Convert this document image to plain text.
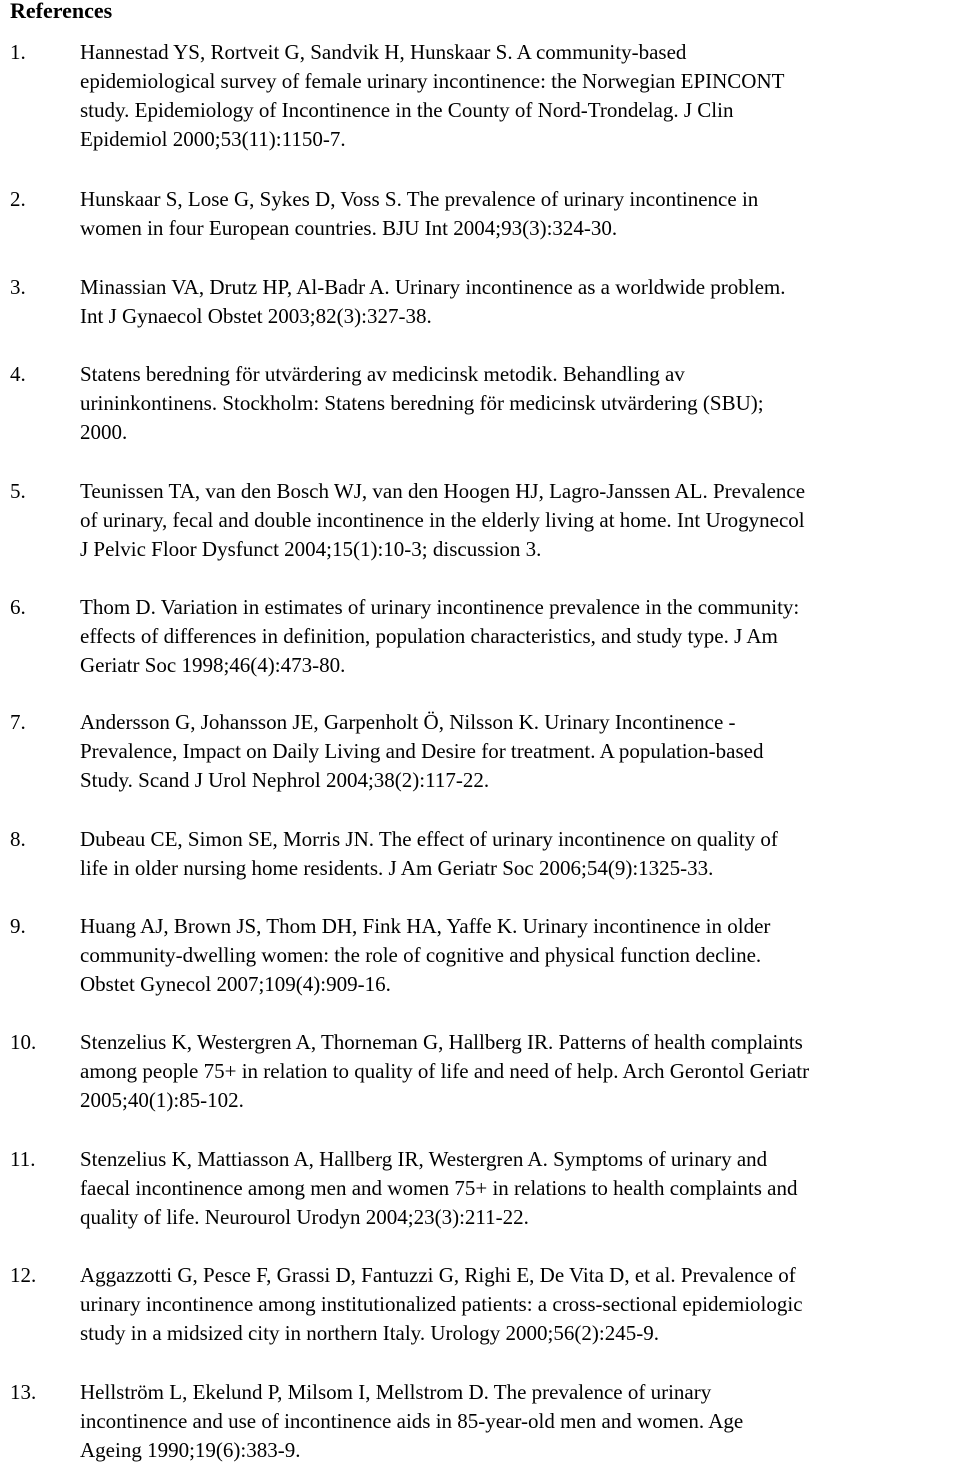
References
1.	Hannestad YS, Rortveit G, Sandvik H, Hunskaar S. A community-based
epidemiological survey of female urinary incontinence: the Norwegian EPINCONT
study. Epidemiology of Incontinence in the County of Nord-Trondelag. J Clin
Epidemiol 2000;53(11):1150-7.
2.	Hunskaar S, Lose G, Sykes D, Voss S. The prevalence of urinary incontinence in
women in four European countries. BJU Int 2004;93(3):324-30.
3.	Minassian VA, Drutz HP, Al-Badr A. Urinary incontinence as a worldwide problem.
Int J Gynaecol Obstet 2003;82(3):327-38.
4.	Statens beredning för utvärdering av medicinsk metodik. Behandling av
urininkontinens. Stockholm: Statens beredning för medicinsk utvärdering (SBU);
2000.
5.	Teunissen TA, van den Bosch WJ, van den Hoogen HJ, Lagro-Janssen AL. Prevalence
of urinary, fecal and double incontinence in the elderly living at home. Int Urogynecol
J Pelvic Floor Dysfunct 2004;15(1):10-3; discussion 3.
6.	Thom D. Variation in estimates of urinary incontinence prevalence in the community:
effects of differences in definition, population characteristics, and study type. J Am
Geriatr Soc 1998;46(4):473-80.
7.	Andersson G, Johansson JE, Garpenholt Ö, Nilsson K. Urinary Incontinence -
Prevalence, Impact on Daily Living and Desire for treatment. A population-based
Study. Scand J Urol Nephrol 2004;38(2):117-22.
8.	Dubeau CE, Simon SE, Morris JN. The effect of urinary incontinence on quality of
life in older nursing home residents. J Am Geriatr Soc 2006;54(9):1325-33.
9.	Huang AJ, Brown JS, Thom DH, Fink HA, Yaffe K. Urinary incontinence in older
community-dwelling women: the role of cognitive and physical function decline.
Obstet Gynecol 2007;109(4):909-16.
10. Stenzelius K, Westergren A, Thorneman G, Hallberg IR. Patterns of health complaints
among people 75+ in relation to quality of life and need of help. Arch Gerontol Geriatr
2005;40(1):85-102.
11. Stenzelius K, Mattiasson A, Hallberg IR, Westergren A. Symptoms of urinary and
faecal incontinence among men and women 75+ in relations to health complaints and
quality of life. Neurourol Urodyn 2004;23(3):211-22.
12. Aggazzotti G, Pesce F, Grassi D, Fantuzzi G, Righi E, De Vita D, et al. Prevalence of
urinary incontinence among institutionalized patients: a cross-sectional epidemiologic
study in a midsized city in northern Italy. Urology 2000;56(2):245-9.
13. Hellström L, Ekelund P, Milsom I, Mellstrom D. The prevalence of urinary
incontinence and use of incontinence aids in 85-year-old men and women. Age
Ageing 1990;19(6):383-9.
